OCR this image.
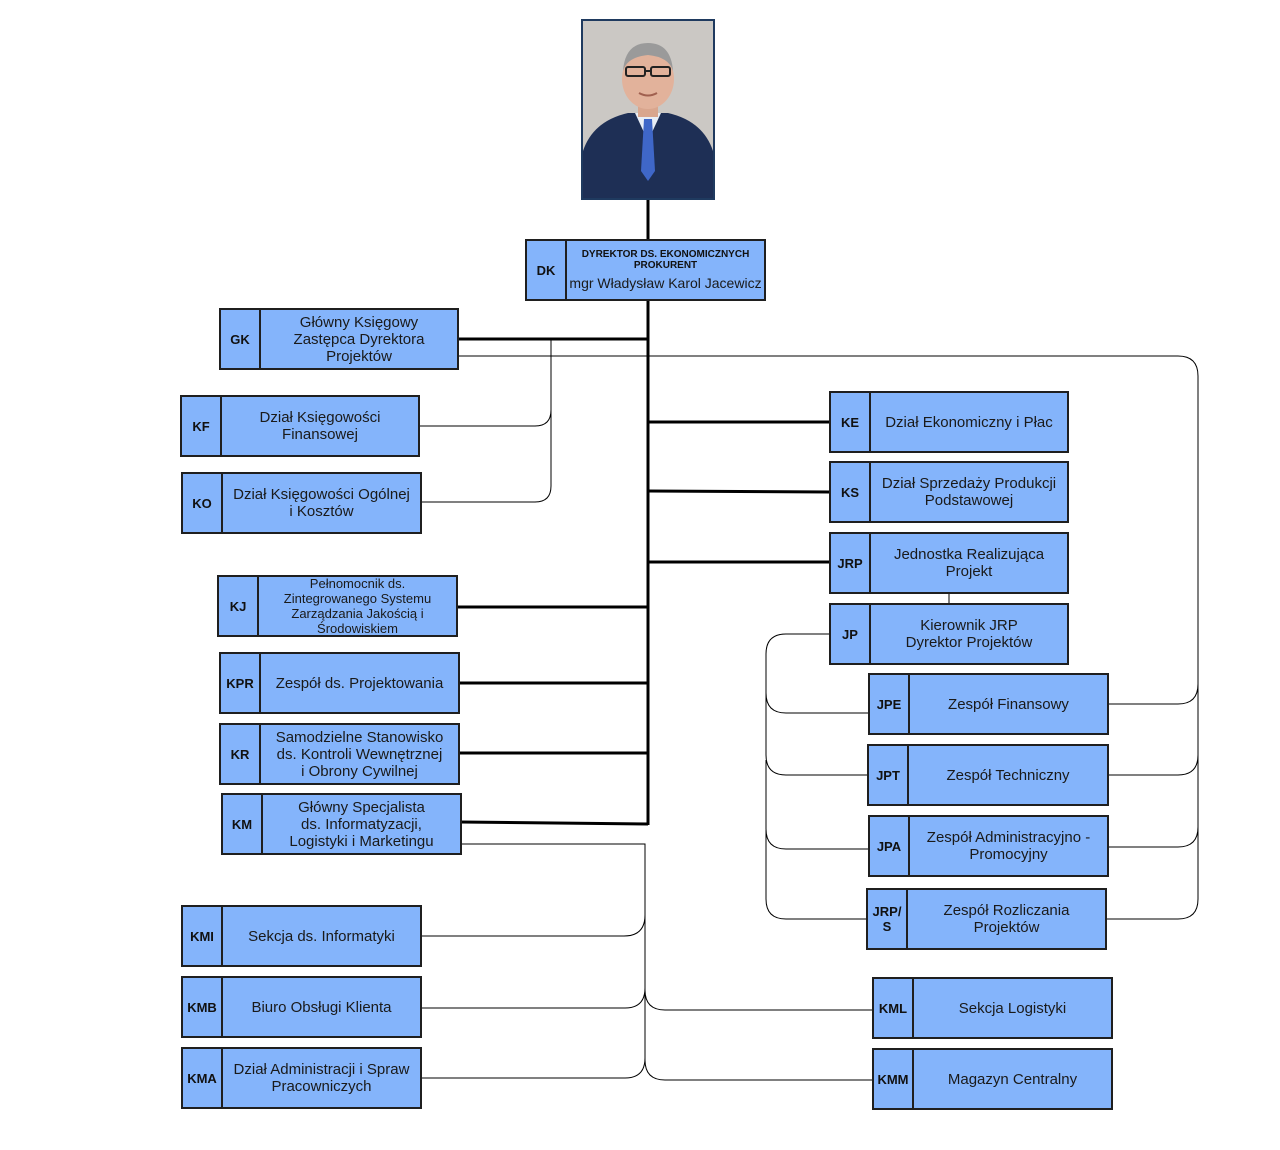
DK
DYREKTOR DS. EKONOMICZNYCH
PROKURENT
mgr Władysław Karol Jacewicz
GK
Główny Księgowy
Zastępca Dyrektora
Projektów
KF	Dział Księgowości
Finansowej
KO	Dział Księgowości Ogólnej
i Kosztów
KJ
Pełnomocnik ds.
Zintegrowanego Systemu
Zarządzania Jakością i
Środowiskiem
KPR	Zespół ds. Projektowania
KR
Samodzielne Stanowisko
ds. Kontroli Wewnętrznej
i Obrony Cywilnej
KM
Główny Specjalista
ds. Informatyzacji,
Logistyki i Marketingu
KMI	Sekcja ds. Informatyki
KMB	Biuro Obsługi Klienta
KMA	Dział Administracji i Spraw
Pracowniczych
KE	Dział Ekonomiczny i Płac
KS	Dział Sprzedaży Produkcji
Podstawowej
JRP	Jednostka Realizująca
Projekt
JP	Kierownik JRP
Dyrektor Projektów
JPE	Zespół Finansowy
JPT	Zespół Techniczny
JPA	Zespół Administracyjno -
Promocyjny
JRP/
S
Zespół Rozliczania
Projektów
KML	Sekcja Logistyki
KMM	Magazyn Centralny
